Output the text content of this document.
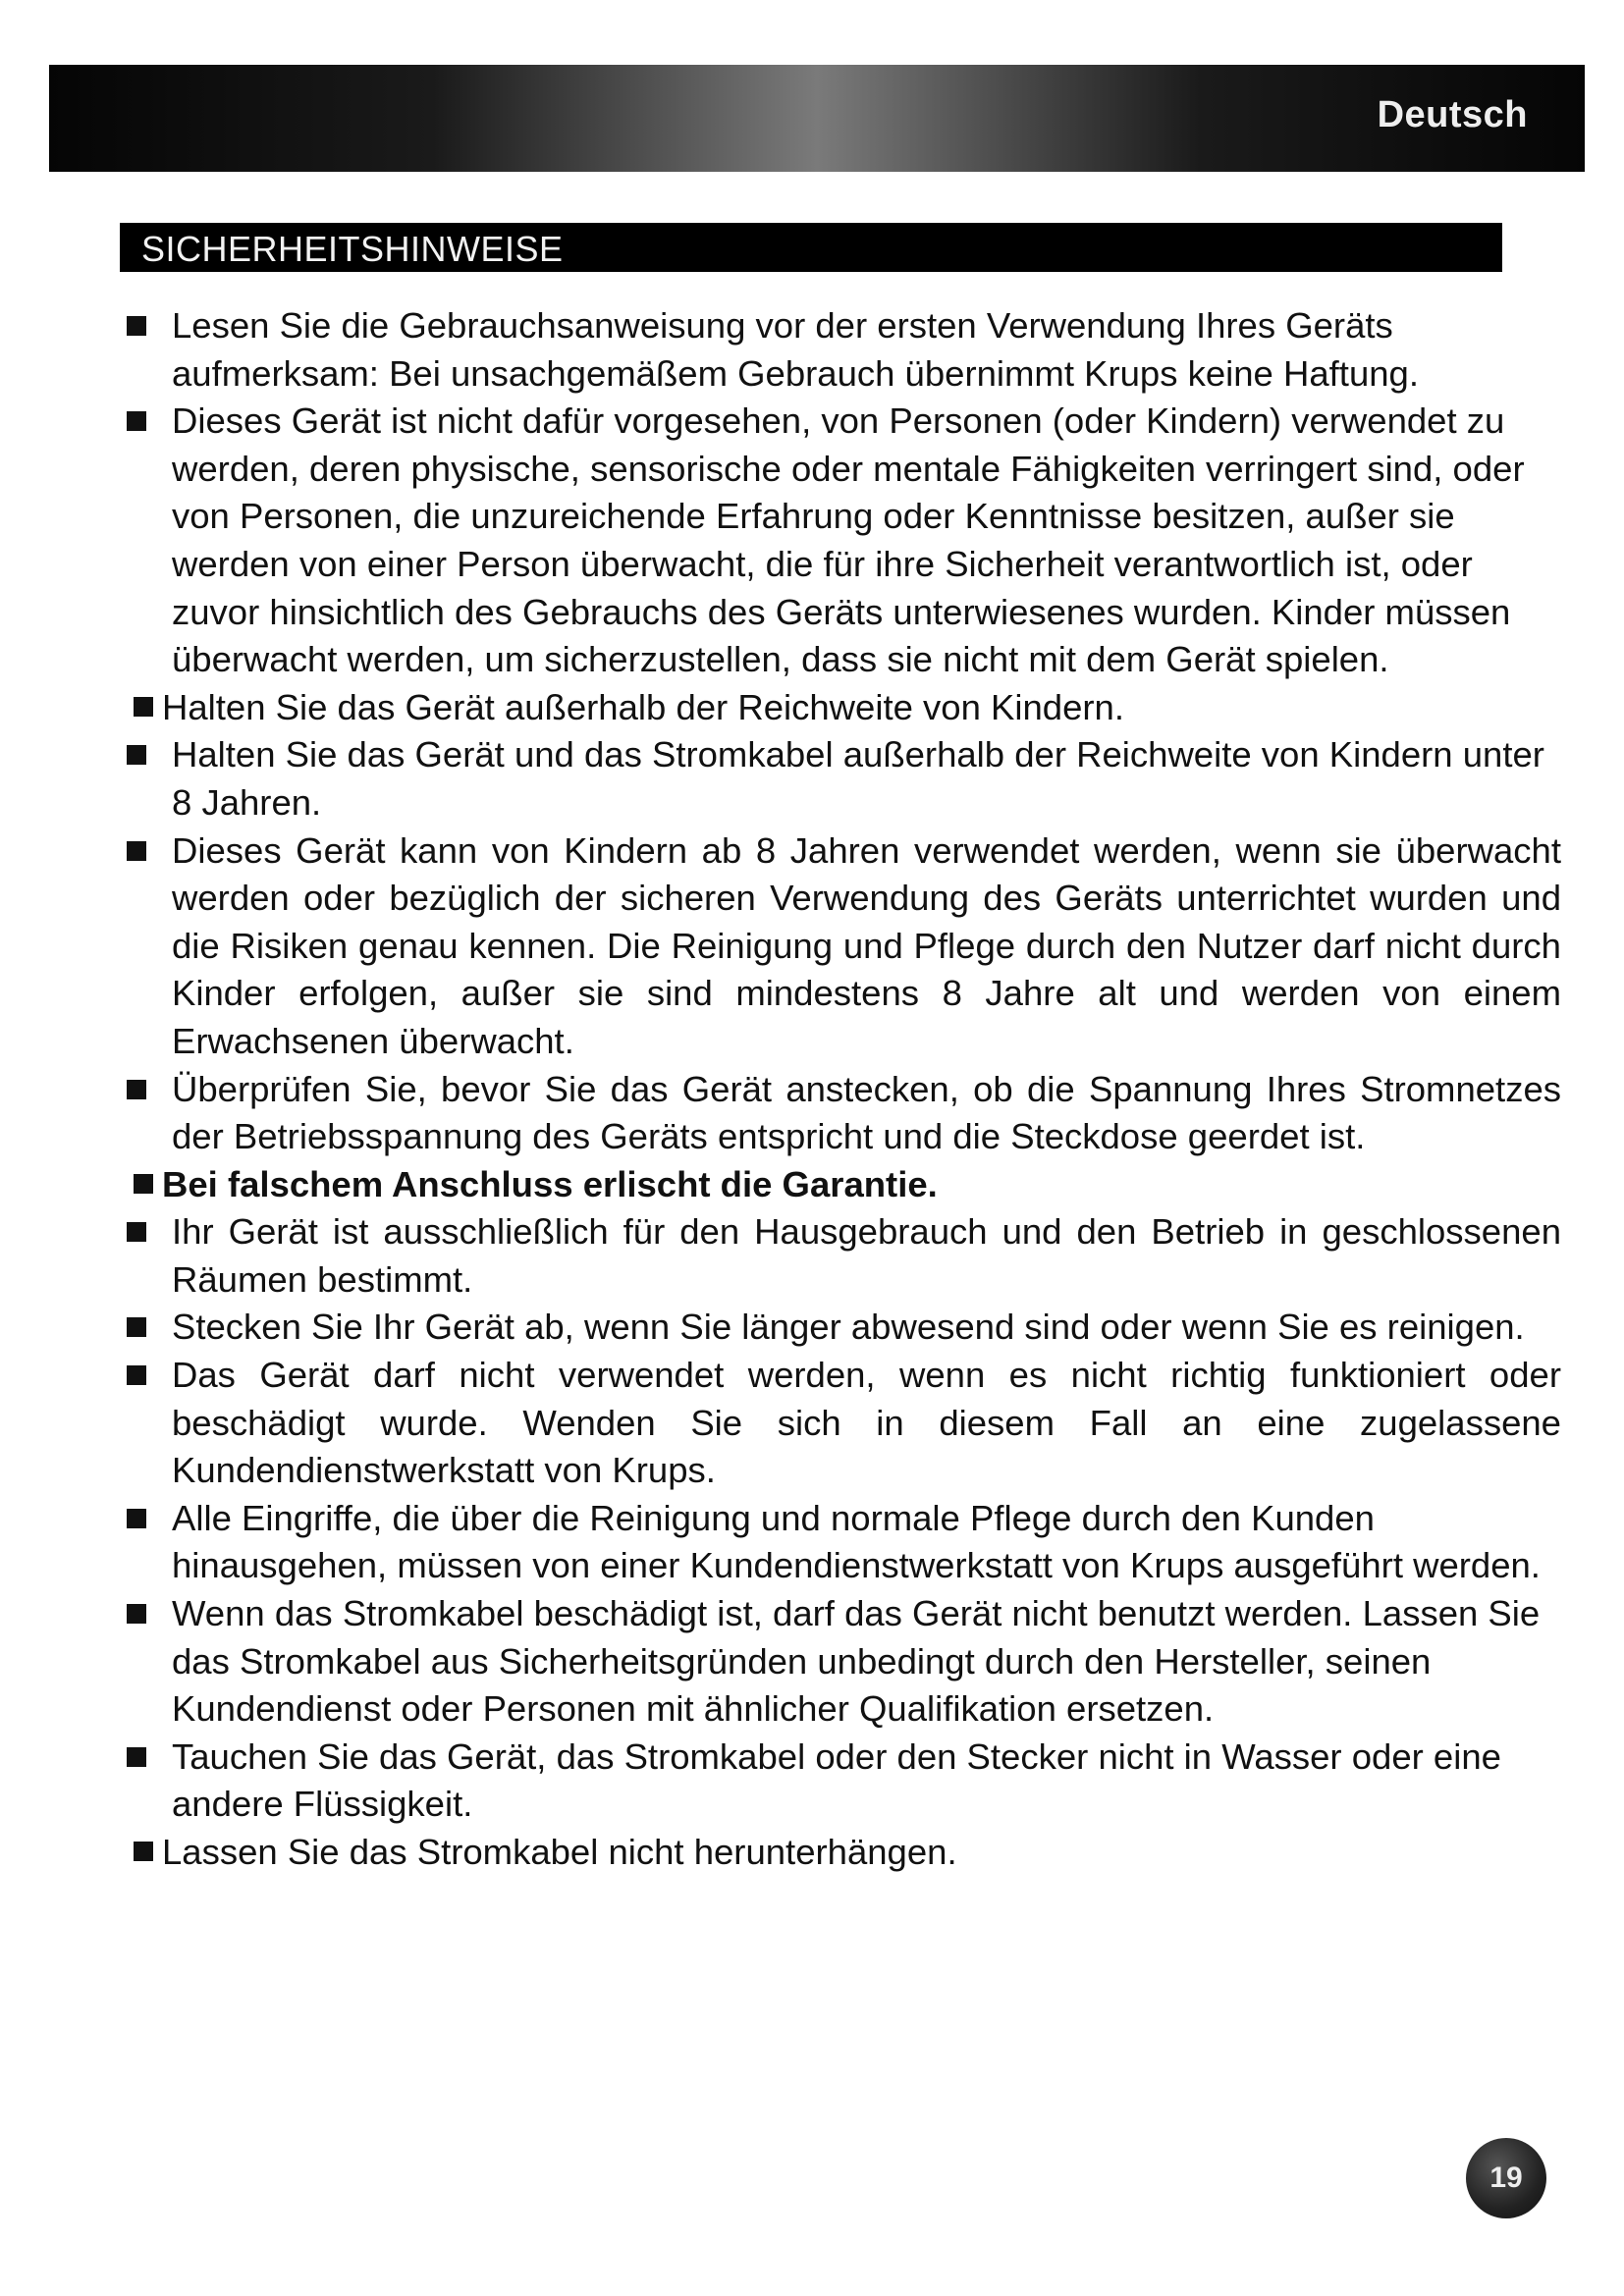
Deutsch
SICHERHEITSHINWEISE
Lesen Sie die Gebrauchsanweisung vor der ersten Verwendung Ihres Geräts aufmerksam: Bei unsachgemäßem Gebrauch übernimmt Krups keine Haftung.
Dieses Gerät ist nicht dafür vorgesehen, von Personen (oder Kindern) verwendet zu werden, deren physische, sensorische oder mentale Fähigkeiten verringert sind, oder von Personen, die unzureichende Erfahrung oder Kenntnisse besitzen, außer sie werden von einer Person überwacht, die für ihre Sicherheit verantwortlich ist, oder zuvor hinsichtlich des Gebrauchs des Geräts unterwiesenes wurden. Kinder müssen überwacht werden, um sicherzustellen, dass sie nicht mit dem Gerät spielen.
Halten Sie das Gerät außerhalb der Reichweite von Kindern.
Halten Sie das Gerät und das Stromkabel außerhalb der Reichweite von Kindern unter 8 Jahren.
Dieses Gerät kann von Kindern ab 8 Jahren verwendet werden, wenn sie überwacht werden oder bezüglich der sicheren Verwendung des Geräts unterrichtet wurden und die Risiken genau kennen. Die Reinigung und Pflege durch den Nutzer darf nicht durch Kinder erfolgen, außer sie sind mindestens 8 Jahre alt und werden von einem Erwachsenen überwacht.
Überprüfen Sie, bevor Sie das Gerät anstecken, ob die Spannung Ihres Stromnetzes der Betriebsspannung des Geräts entspricht und die Steckdose geerdet ist.
Bei falschem Anschluss erlischt die Garantie.
Ihr Gerät ist ausschließlich für den Hausgebrauch und den Betrieb in geschlossenen Räumen bestimmt.
Stecken Sie Ihr Gerät ab, wenn Sie länger abwesend sind oder wenn Sie es reinigen.
Das Gerät darf nicht verwendet werden, wenn es nicht richtig funktioniert oder beschädigt wurde. Wenden Sie sich in diesem Fall an eine zugelassene Kundendienstwerkstatt von Krups.
Alle Eingriffe, die über die Reinigung und normale Pflege durch den Kunden hinausgehen, müssen von einer Kundendienstwerkstatt von Krups ausgeführt werden.
Wenn das Stromkabel beschädigt ist, darf das Gerät nicht benutzt werden. Lassen Sie das Stromkabel aus Sicherheitsgründen unbedingt durch den Hersteller, seinen Kundendienst oder Personen mit ähnlicher Qualifikation ersetzen.
Tauchen Sie das Gerät, das Stromkabel oder den Stecker nicht in Wasser oder eine andere Flüssigkeit.
Lassen Sie das Stromkabel nicht herunterhängen.
19
